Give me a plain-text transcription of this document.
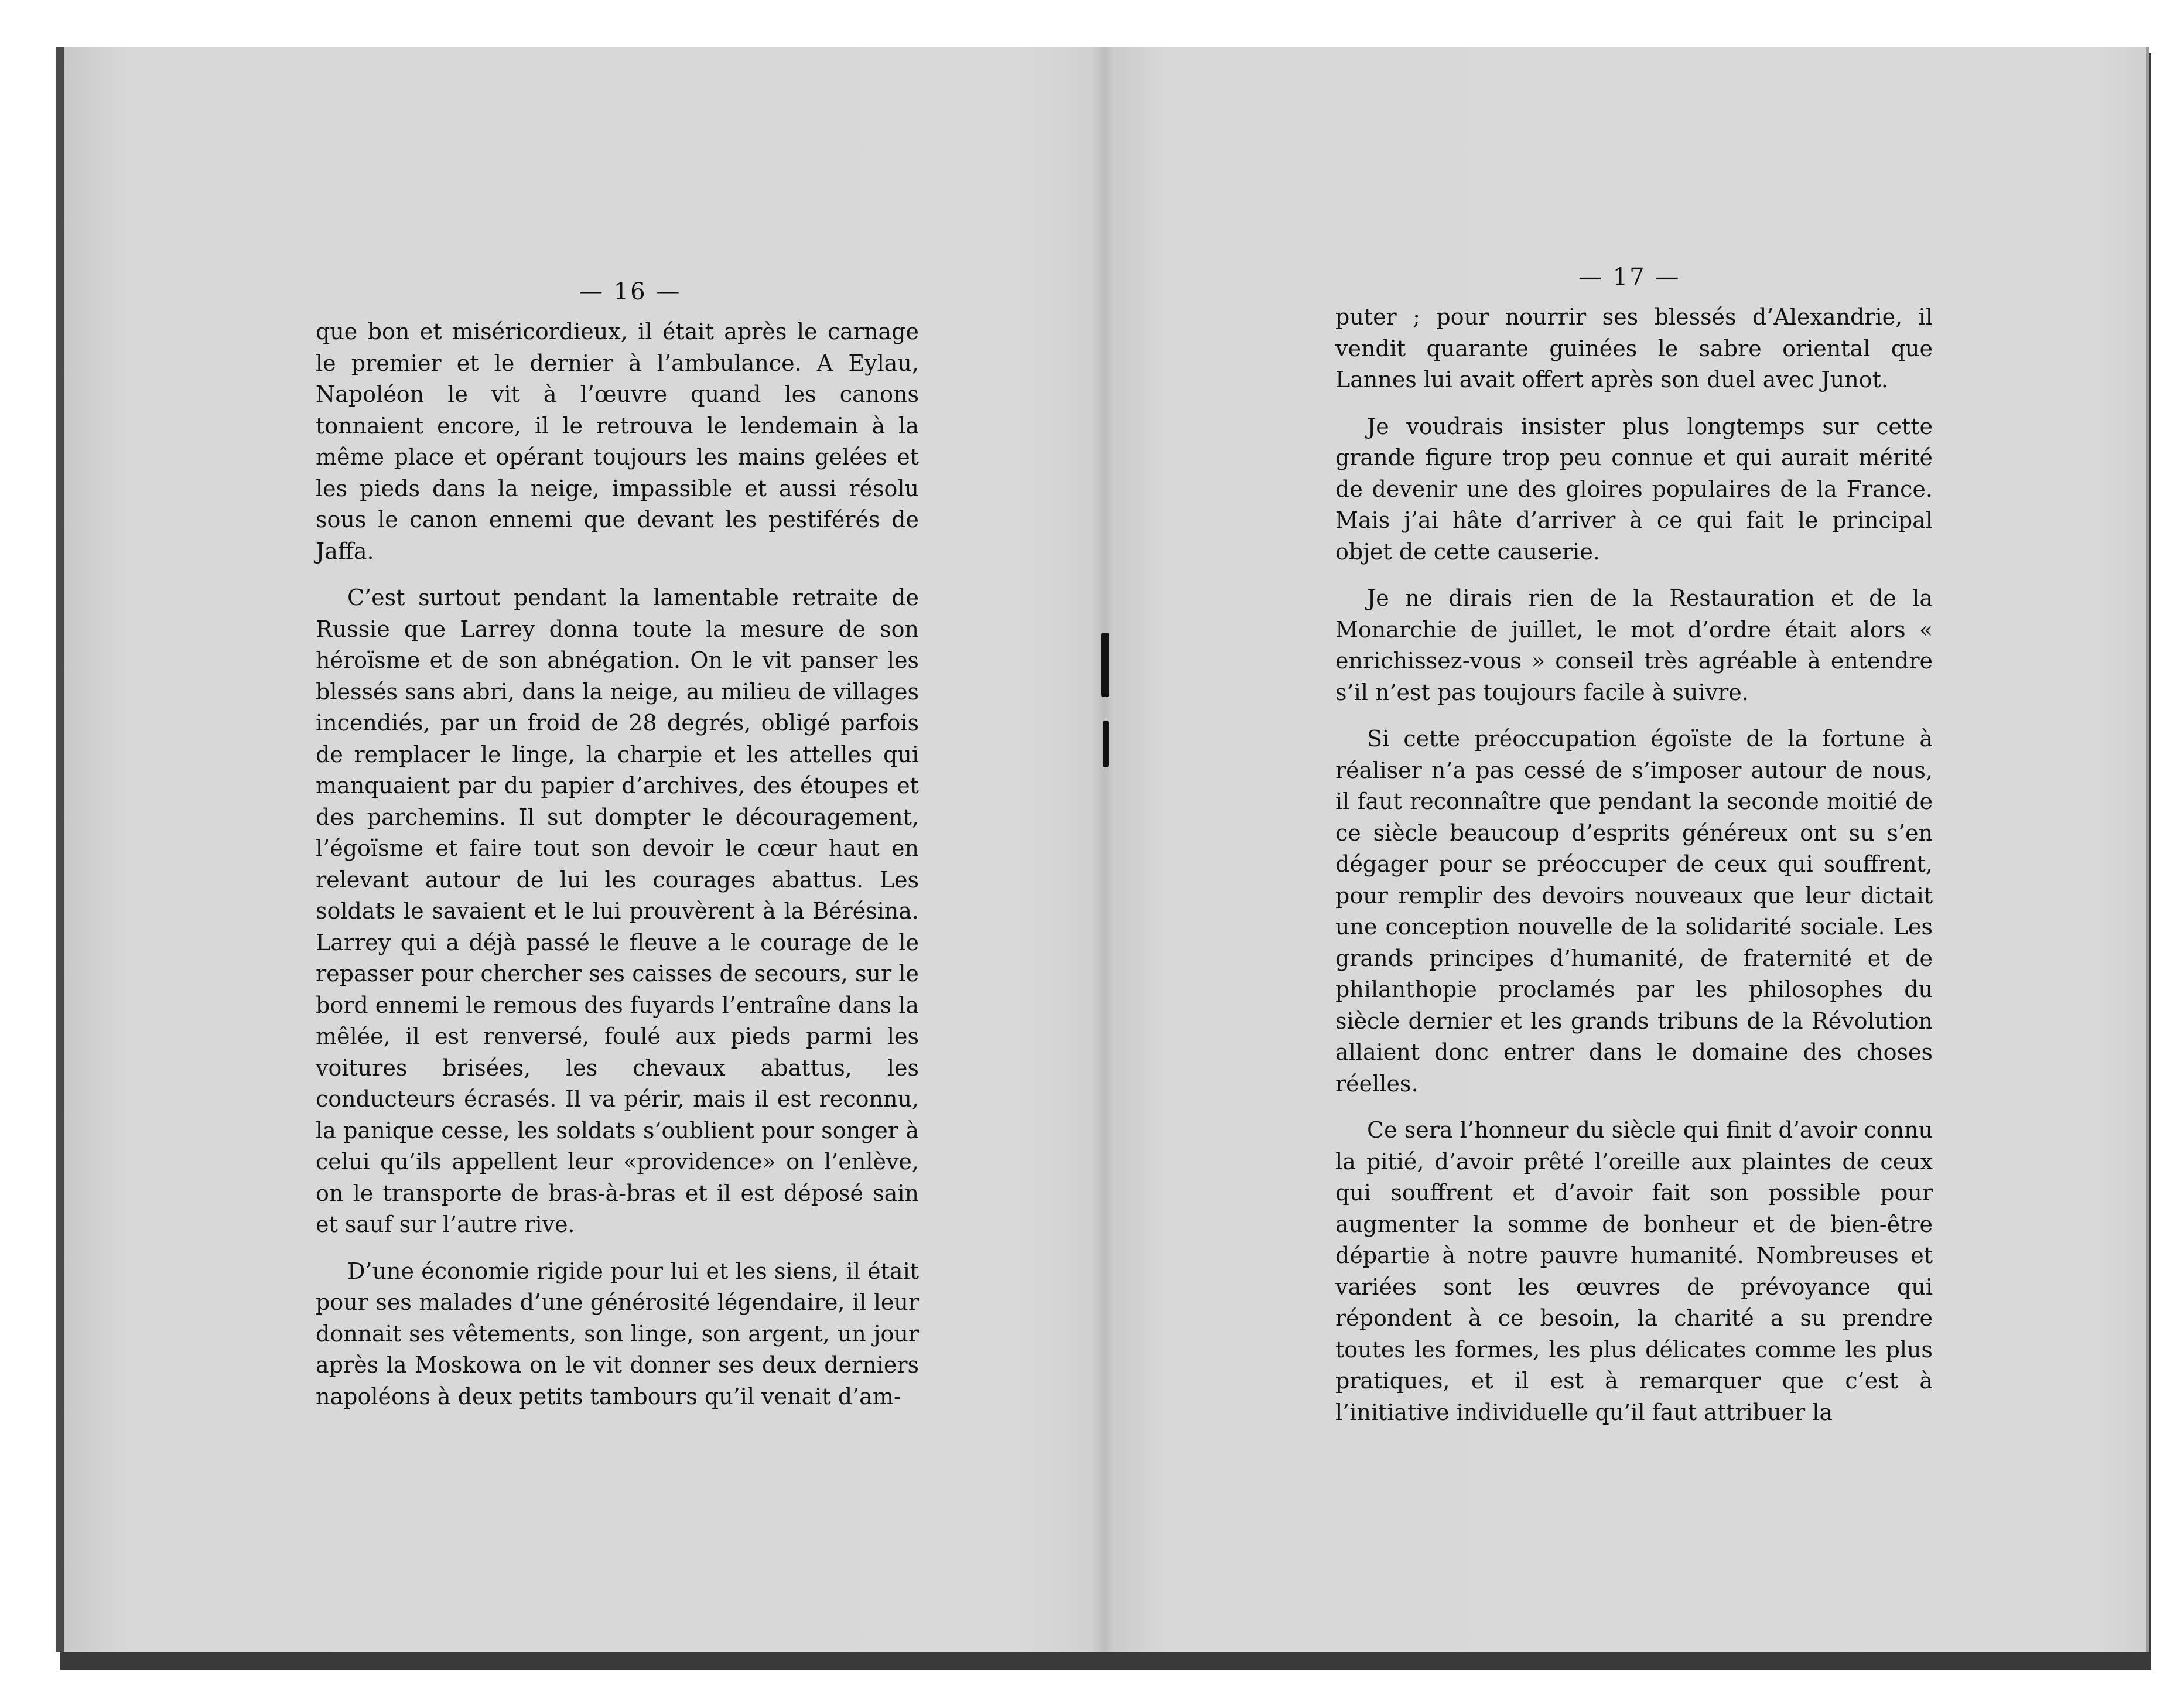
— 16 —

que bon et miséricordieux, il était après le carnage le premier et le dernier à l’ambulance. A Eylau, Napoléon le vit à l’œuvre quand les canons tonnaient encore, il le retrouva le lendemain à la même place et opérant toujours les mains gelées et les pieds dans la neige, impassible et aussi résolu sous le canon ennemi que devant les pestiférés de Jaffa.

C’est surtout pendant la lamentable retraite de Russie que Larrey donna toute la mesure de son héroïsme et de son abnégation. On le vit panser les blessés sans abri, dans la neige, au milieu de villages incendiés, par un froid de 28 degrés, obligé parfois de remplacer le linge, la charpie et les attelles qui manquaient par du papier d’archives, des étoupes et des parchemins. Il sut dompter le découragement, l’égoïsme et faire tout son devoir le cœur haut en relevant autour de lui les courages abattus. Les soldats le savaient et le lui prouvèrent à la Bérésina. Larrey qui a déjà passé le fleuve a le courage de le repasser pour chercher ses caisses de secours, sur le bord ennemi le remous des fuyards l’entraîne dans la mêlée, il est renversé, foulé aux pieds parmi les voitures brisées, les chevaux abattus, les conducteurs écrasés. Il va périr, mais il est reconnu, la panique cesse, les soldats s’oublient pour songer à celui qu’ils appellent leur «providence» on l’enlève, on le transporte de bras-à-bras et il est déposé sain et sauf sur l’autre rive.

D’une économie rigide pour lui et les siens, il était pour ses malades d’une générosité légendaire, il leur donnait ses vêtements, son linge, son argent, un jour après la Moskowa on le vit donner ses deux derniers napoléons à deux petits tambours qu’il venait d’am-

— 17 —

puter ; pour nourrir ses blessés d’Alexandrie, il vendit quarante guinées le sabre oriental que Lannes lui avait offert après son duel avec Junot.

Je voudrais insister plus longtemps sur cette grande figure trop peu connue et qui aurait mérité de devenir une des gloires populaires de la France. Mais j’ai hâte d’arriver à ce qui fait le principal objet de cette causerie.

Je ne dirais rien de la Restauration et de la Monarchie de juillet, le mot d’ordre était alors « enrichissez-vous » conseil très agréable à entendre s’il n’est pas toujours facile à suivre.

Si cette préoccupation égoïste de la fortune à réaliser n’a pas cessé de s’imposer autour de nous, il faut reconnaître que pendant la seconde moitié de ce siècle beaucoup d’esprits généreux ont su s’en dégager pour se préoccuper de ceux qui souffrent, pour remplir des devoirs nouveaux que leur dictait une conception nouvelle de la solidarité sociale. Les grands principes d’humanité, de fraternité et de philanthopie proclamés par les philosophes du siècle dernier et les grands tribuns de la Révolution allaient donc entrer dans le domaine des choses réelles.

Ce sera l’honneur du siècle qui finit d’avoir connu la pitié, d’avoir prêté l’oreille aux plaintes de ceux qui souffrent et d’avoir fait son possible pour augmenter la somme de bonheur et de bien-être départie à notre pauvre humanité. Nombreuses et variées sont les œuvres de prévoyance qui répondent à ce besoin, la charité a su prendre toutes les formes, les plus délicates comme les plus pratiques, et il est à remarquer que c’est à l’initiative individuelle qu’il faut attribuer la
